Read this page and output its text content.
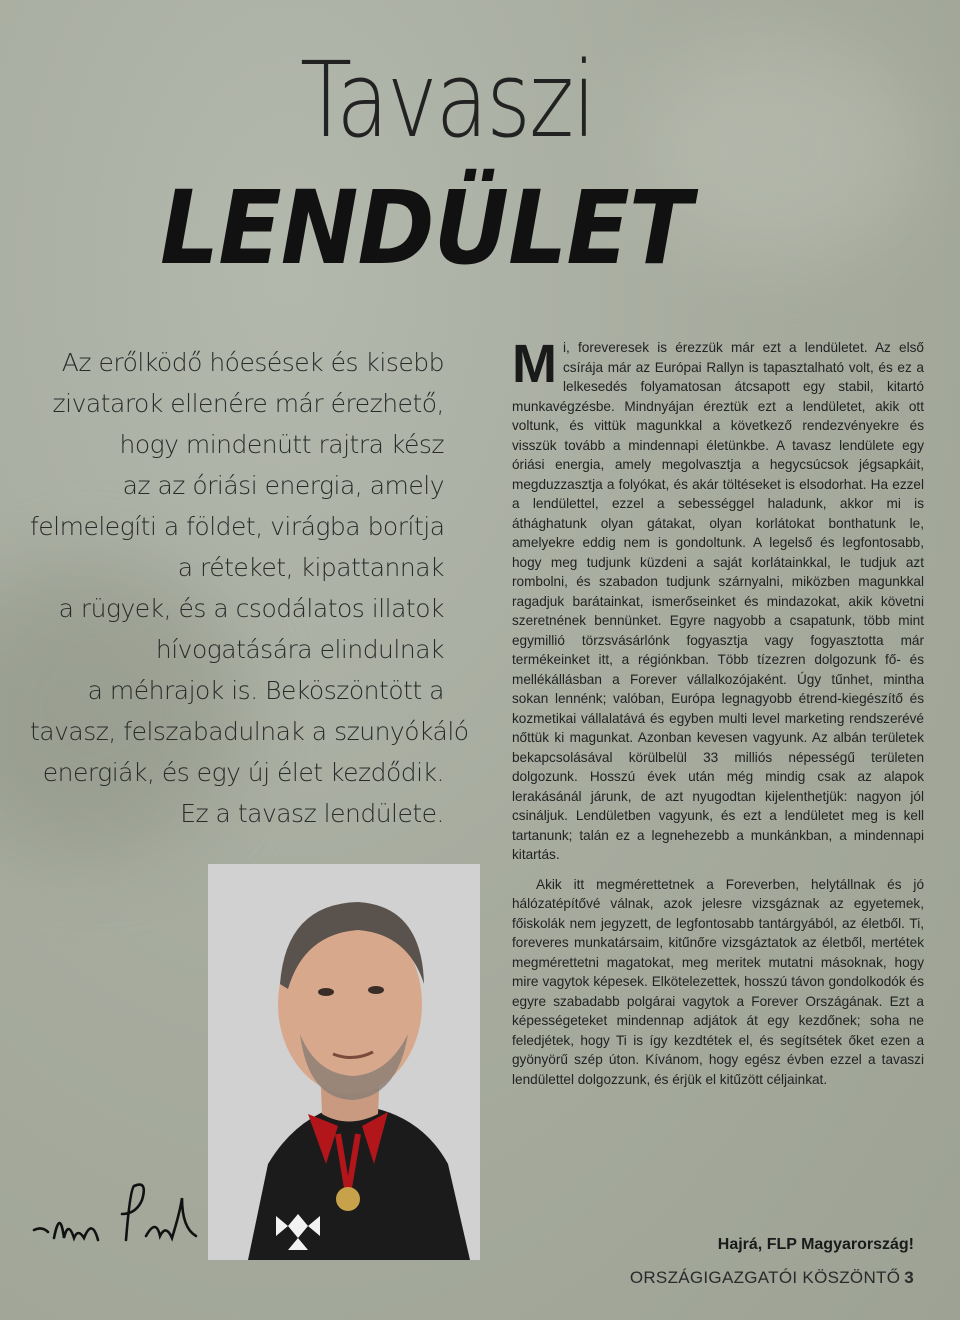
Tavaszi
LENDÜLET
Az erőlködő hóesések és kisebb
zivatarok ellenére már érezhető,
hogy mindenütt rajtra kész
az az óriási energia, amely
felmelegíti a földet, virágba borítja
a réteket, kipattannak
a rügyek, és a csodálatos illatok
hívogatására elindulnak
a méhrajok is. Beköszöntött a
tavasz, felszabadulnak a szunyókáló
energiák, és egy új élet kezdődik.
Ez a tavasz lendülete.

Mi, foreveresek is érezzük már ezt a lendületet. Az első csírája már az Európai Rallyn is tapasztalható volt, és ez a lelkesedés folyamatosan átcsapott egy stabil, kitartó munkavégzésbe. Mindnyájan éreztük ezt a lendületet, akik ott voltunk, és vittük magunkkal a következő rendezvényekre és visszük tovább a mindennapi életünkbe. A tavasz lendülete egy óriási energia, amely megolvasztja a hegycsúcsok jégsapkáit, megduzzasztja a folyókat, és akár töltéseket is elsodorhat. Ha ezzel a lendülettel, ezzel a sebességgel haladunk, akkor mi is áthághatunk olyan gátakat, olyan korlátokat bonthatunk le, amelyekre eddig nem is gondoltunk. A legelső és legfontosabb, hogy meg tudjunk küzdeni a saját korlátainkkal, le tudjuk azt rombolni, és szabadon tudjunk szárnyalni, miközben magunkkal ragadjuk barátainkat, ismerőseinket és mindazokat, akik követni szeretnének bennünket. Egyre nagyobb a csapatunk, több mint egymillió törzsvásárlónk fogyasztja vagy fogyasztotta már termékeinket itt, a régiónkban. Több tízezren dolgozunk fő- és mellékállásban a Forever vállalkozójaként. Úgy tűnhet, mintha sokan lennénk; valóban, Európa legnagyobb étrend-kiegészítő és kozmetikai vállalatává és egyben multi level marketing rendszerévé nőttük ki magunkat. Azonban kevesen vagyunk. Az albán területek bekapcsolásával körülbelül 33 milliós népességű területen dolgozunk. Hosszú évek után még mindig csak az alapok lerakásánál járunk, de azt nyugodtan kijelenthetjük: nagyon jól csináljuk. Lendületben vagyunk, és ezt a lendületet meg is kell tartanunk; talán ez a legnehezebb a munkánkban, a mindennapi kitartás.

Akik itt megmérettetnek a Foreverben, helytállnak és jó hálózatépítővé válnak, azok jelesre vizsgáznak az egyetemek, főiskolák nem jegyzett, de legfontosabb tantárgyából, az életből. Ti, foreveres munkatársaim, kitűnőre vizsgáztatok az életből, mertétek megmérettetni magatokat, meg meritek mutatni másoknak, hogy mire vagytok képesek. Elkötelezettek, hosszú távon gondolkodók és egyre szabadabb polgárai vagytok a Forever Országának. Ezt a képességeteket mindennap adjátok át egy kezdőnek; soha ne feledjétek, hogy Ti is így kezdtétek el, és segítsétek őket ezen a gyönyörű szép úton. Kívánom, hogy egész évben ezzel a tavaszi lendülettel dolgozzunk, és érjük el kitűzött céljainkat.

Hajrá, FLP Magyarország!

ORSZÁGIGAZGATÓI KÖSZÖNTŐ 3
